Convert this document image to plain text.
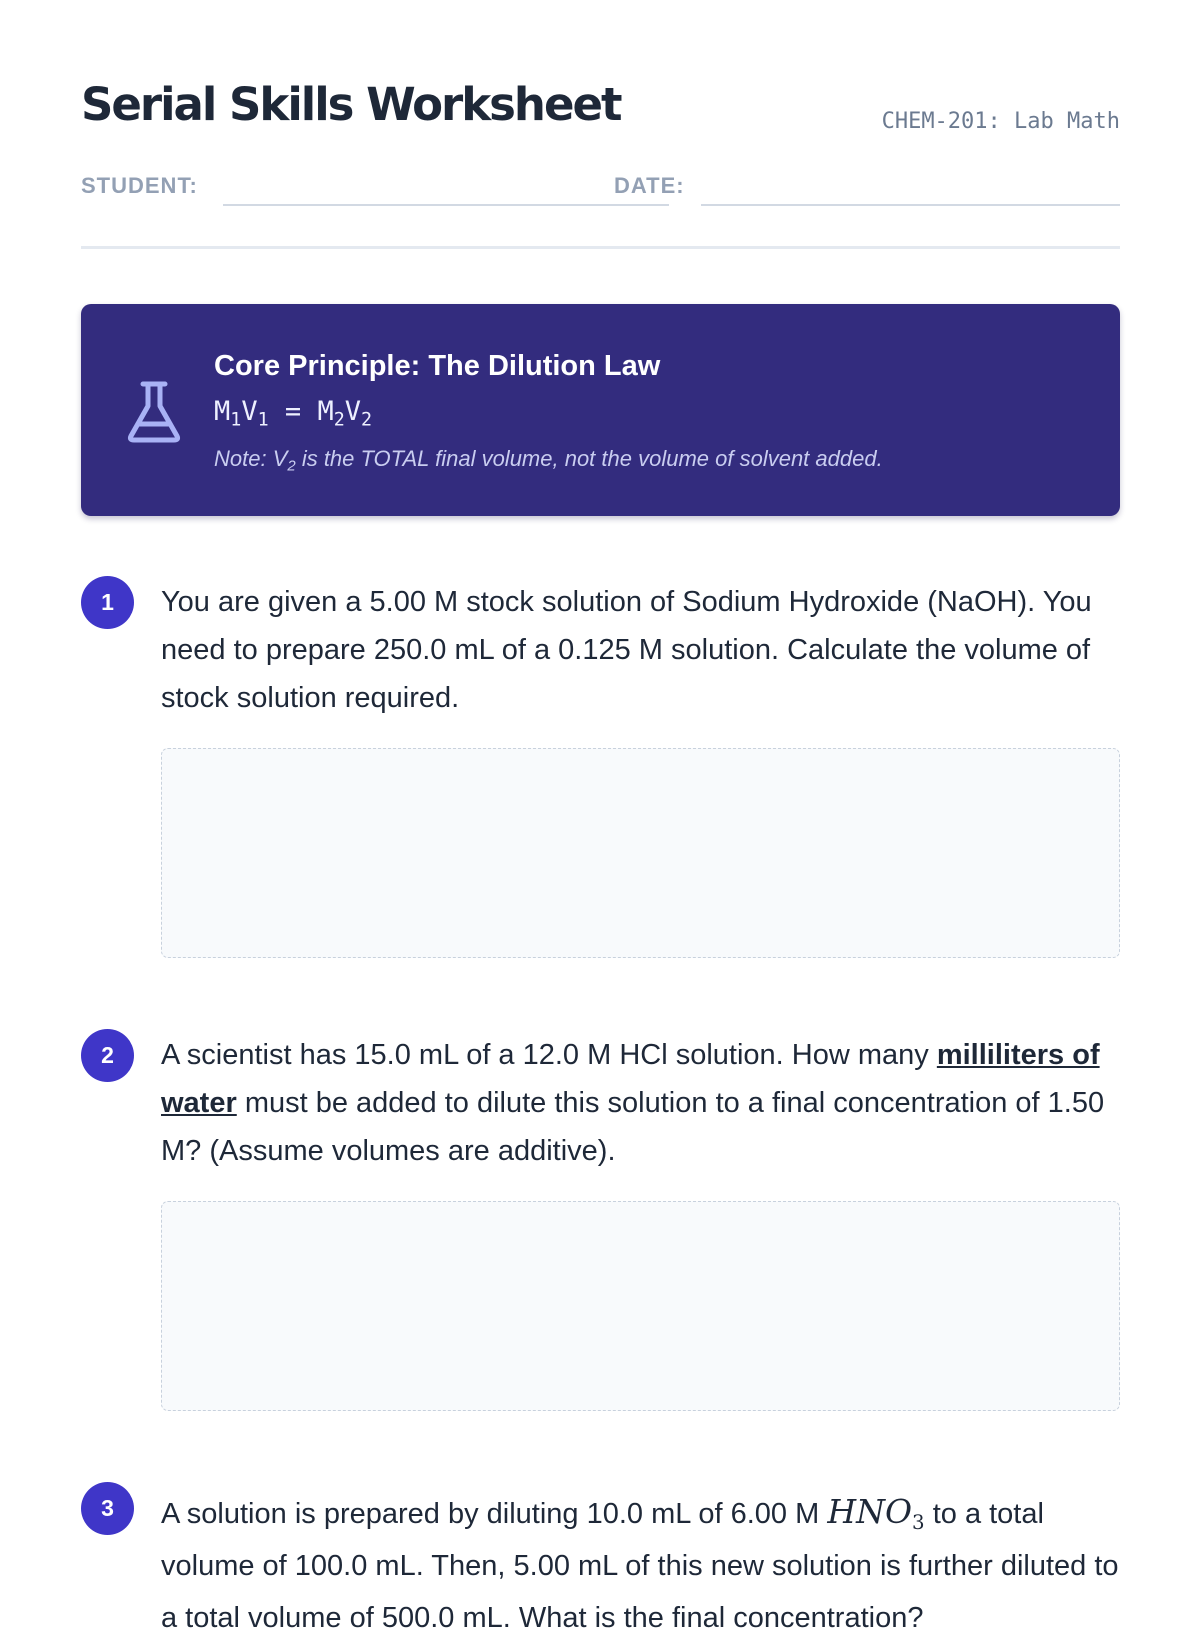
Serial Skills Worksheet	CHEM-201: Lab Math
STUDENT:	DATE:
Core Principle: The Dilution Law
$M_1V_1 = M_2V_2$
Note: $V_2$ is the TOTAL final volume, not the volume of solvent added.
1	You are given a 5.00 M stock solution of Sodium Hydroxide (NaOH). You need to prepare 250.0 mL of a 0.125 M solution. Calculate the volume of stock solution required.
2	A scientist has 15.0 mL of a 12.0 M HCl solution. How many milliliters of water must be added to dilute this solution to a final concentration of 1.50 M? (Assume volumes are additive).
3	A solution is prepared by diluting 10.0 mL of 6.00 M $HNO_3$ to a total volume of 100.0 mL. Then, 5.00 mL of this new solution is further diluted to a total volume of 500.0 mL. What is the final concentration?
